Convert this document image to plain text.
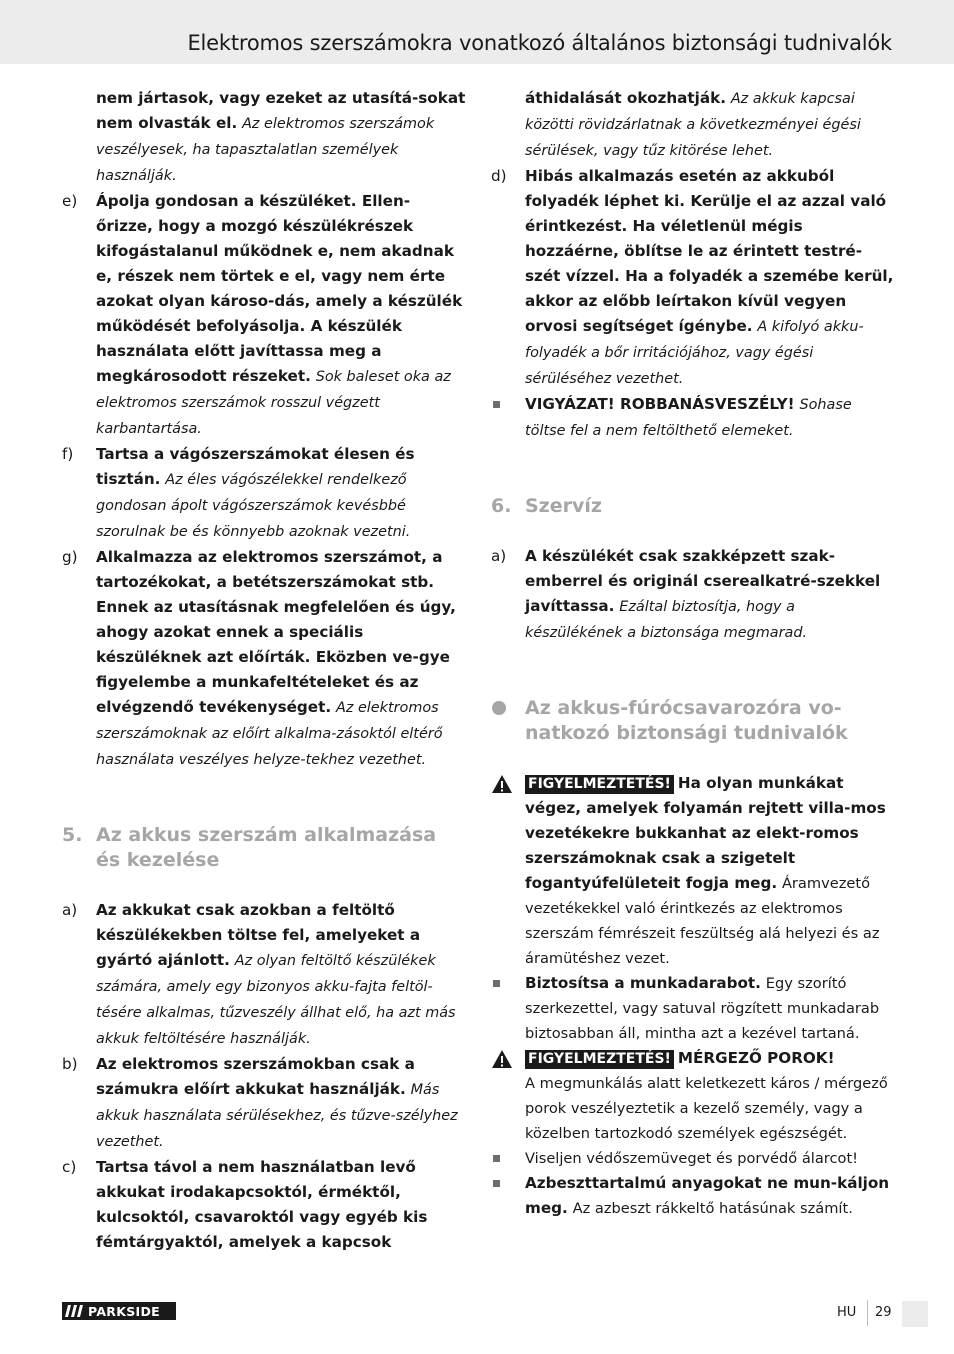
Elektromos szerszámokra vonatkozó általános biztonsági tudnivalók

nem jártasok, vagy ezeket az utasítá-sokat nem olvasták el. Az elektromos szerszámok veszélyesek, ha tapasztalatlan személyek használják.

e) Ápolja gondosan a készüléket. Ellen-őrizze, hogy a mozgó készülékrészek kifogástalanul működnek e, nem akadnak e, részek nem törtek e el, vagy nem érte azokat olyan károso-dás, amely a készülék működését befolyásolja. A készülék használata előtt javíttassa meg a megkárosodott részeket. Sok baleset oka az elektromos szerszámok rosszul végzett karbantartása.

f) Tartsa a vágószerszámokat élesen és tisztán. Az éles vágószélekkel rendelkező gondosan ápolt vágószerszámok kevésbbé szorulnak be és könnyebb azoknak vezetni.

g) Alkalmazza az elektromos szerszámot, a tartozékokat, a betétszerszámokat stb. Ennek az utasításnak megfelelően és úgy, ahogy azokat ennek a speciális készüléknek azt előírták. Eközben ve-gye figyelembe a munkafeltételeket és az elvégzendő tevékenységet. Az elektromos szerszámoknak az előírt alkalma-zásoktól eltérő használata veszélyes helyze-tekhez vezethet.

5. Az akkus szerszám alkalmazása és kezelése

a) Az akkukat csak azokban a feltöltő készülékekben töltse fel, amelyeket a gyártó ajánlott. Az olyan feltöltő készülékek számára, amely egy bizonyos akku-fajta feltöl-tésére alkalmas, tűzveszély állhat elő, ha azt más akkuk feltöltésére használják.

b) Az elektromos szerszámokban csak a számukra előírt akkukat használják. Más akkuk használata sérülésekhez, és tűzve-szélyhez vezethet.

c) Tartsa távol a nem használatban levő akkukat irodakapcsoktól, érméktől, kulcsoktól, csavaroktól vagy egyéb kis fémtárgyaktól, amelyek a kapcsok

áthidalását okozhatják. Az akkuk kapcsai közötti rövidzárlatnak a következményei égési sérülések, vagy tűz kitörése lehet.

d) Hibás alkalmazás esetén az akkuból folyadék léphet ki. Kerülje el az azzal való érintkezést. Ha véletlenül mégis hozzáérne, öblítse le az érintett testré-szét vízzel. Ha a folyadék a szemébe kerül, akkor az előbb leírtakon kívül vegyen orvosi segítséget ígénybe. A kifolyó akku-folyadék a bőr irritációjához, vagy égési sérüléséhez vezethet.

VIGYÁZAT! ROBBANÁSVESZÉLY! Sohase töltse fel a nem feltölthető elemeket.

6. Szervíz

a) A készülékét csak szakképzett szak-emberrel és originál cserealkatré-szekkel javíttassa. Ezáltal biztosítja, hogy a készülékének a biztonsága megmarad.

Az akkus-fúrócsavarozóra vo-natkozó biztonsági tudnivalók

FIGYELMEZTETÉS! Ha olyan munkákat végez, amelyek folyamán rejtett villa-mos vezetékekre bukkanhat az elekt-romos szerszámoknak csak a szigetelt fogantyúfelületeit fogja meg. Áramvezető vezetékekkel való érintkezés az elektromos szerszám fémrészeit feszültség alá helyezi és az áramütéshez vezet.

Biztosítsa a munkadarabot. Egy szorító szerkezettel, vagy satuval rögzített munkadarab biztosabban áll, mintha azt a kezével tartaná.

FIGYELMEZTETÉS! MÉRGEZŐ POROK!
A megmunkálás alatt keletkezett káros / mérgező porok veszélyeztetik a kezelő személy, vagy a közelben tartozkodó személyek egészségét.

Viseljen védőszemüveget és porvédő álarcot!

Azbeszttartalmú anyagokat ne mun-káljon meg. Az azbeszt rákkeltő hatásúnak számít.

PARKSIDE	HU 29
